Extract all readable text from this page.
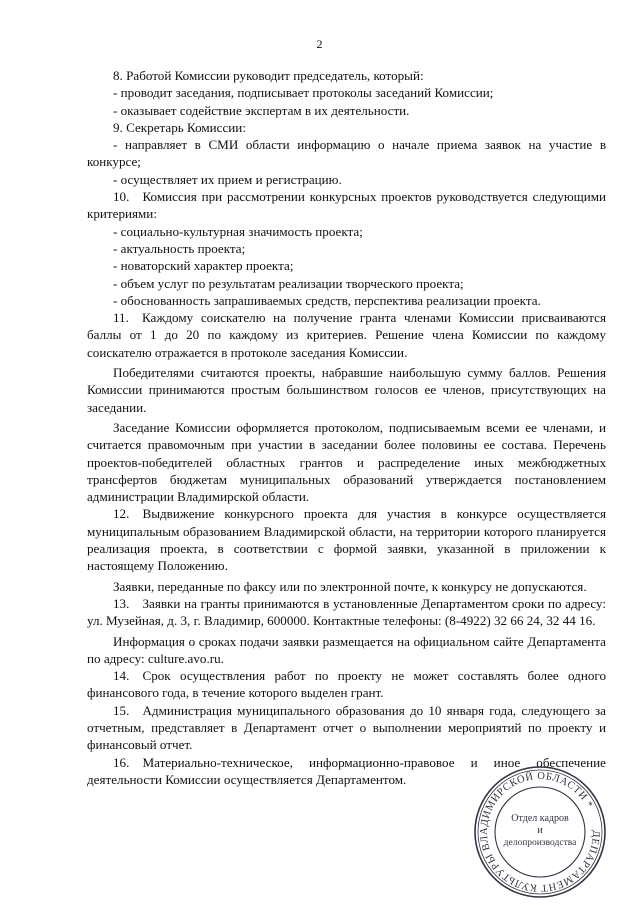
2

8. Работой Комиссии руководит председатель, который:

- проводит заседания, подписывает протоколы заседаний Комиссии;

- оказывает содействие экспертам в их деятельности.

9. Секретарь Комиссии:

- направляет в СМИ области информацию о начале приема заявок на участие в конкурсе;

- осуществляет их прием и регистрацию.

10. Комиссия при рассмотрении конкурсных проектов руководствуется следующими критериями:

- социально-культурная значимость проекта;

- актуальность проекта;

- новаторский характер проекта;

- объем услуг по результатам реализации творческого проекта;

- обоснованность запрашиваемых средств, перспектива реализации проекта.

11. Каждому соискателю на получение гранта членами Комиссии присваиваются баллы от 1 до 20 по каждому из критериев. Решение члена Комиссии по каждому соискателю отражается в протоколе заседания Комиссии.

Победителями считаются проекты, набравшие наибольшую сумму баллов. Решения Комиссии принимаются простым большинством голосов ее членов, присутствующих на заседании.

Заседание Комиссии оформляется протоколом, подписываемым всеми ее членами, и считается правомочным при участии в заседании более половины ее состава. Перечень проектов-победителей областных грантов и распределение иных межбюджетных трансфертов бюджетам муниципальных образований утверждается постановлением администрации Владимирской области.

12. Выдвижение конкурсного проекта для участия в конкурсе осуществляется муниципальным образованием Владимирской области, на территории которого планируется реализация проекта, в соответствии с формой заявки, указанной в приложении к настоящему Положению.

Заявки, переданные по факсу или по электронной почте, к конкурсу не допускаются.

13. Заявки на гранты принимаются в установленные Департаментом сроки по адресу: ул. Музейная, д. 3, г. Владимир, 600000. Контактные телефоны: (8-4922) 32 66 24, 32 44 16.

Информация о сроках подачи заявки размещается на официальном сайте Департамента по адресу: culture.avo.ru.

14. Срок осуществления работ по проекту не может составлять более одного финансового года, в течение которого выделен грант.

15. Администрация муниципального образования до 10 января года, следующего за отчетным, представляет в Департамент отчет о выполнении мероприятий по проекту и финансовый отчет.

16. Материально-техническое, информационно-правовое и иное обеспечение деятельности Комиссии осуществляется Департаментом.

ДЕПАРТАМЕНТ КУЛЬТУРЫ ВЛАДИМИРСКОЙ ОБЛАСТИ *
Отдел кадров
и
делопроизводства
